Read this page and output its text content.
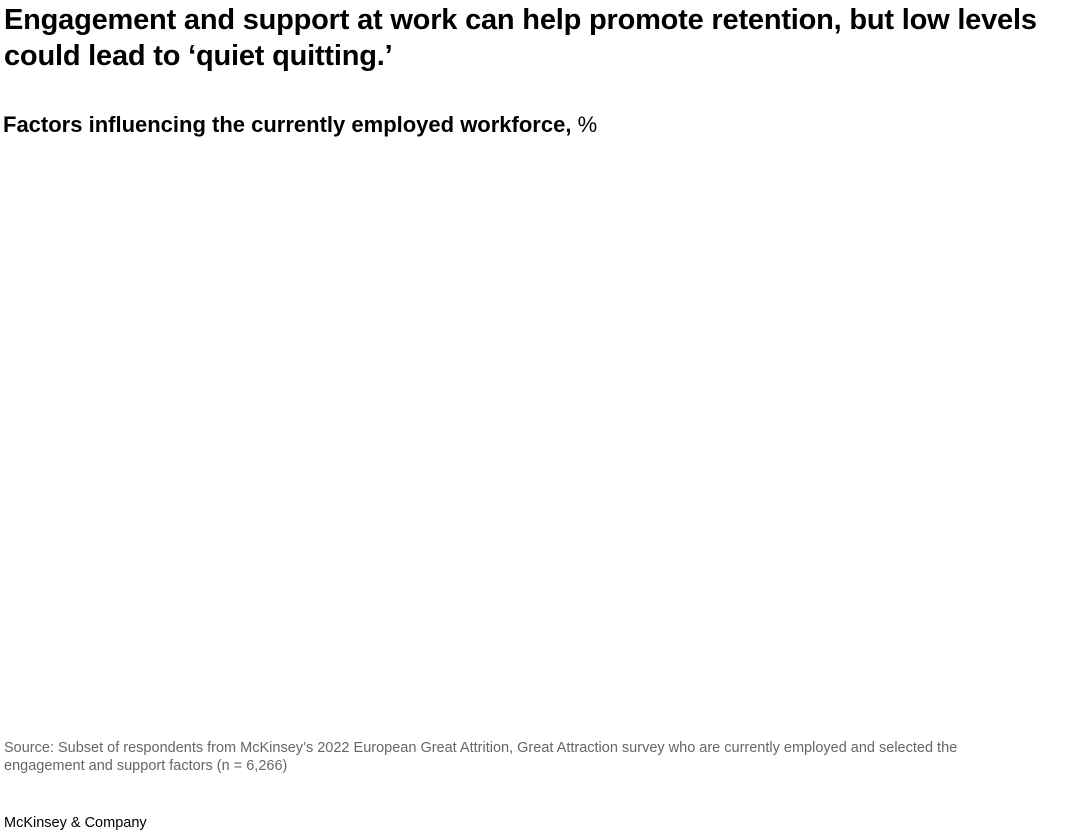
Engagement and support at work can help promote retention, but low levels could lead to ‘quiet quitting.’
Factors influencing the currently employed workforce, %

Source: Subset of respondents from McKinsey’s 2022 European Great Attrition, Great Attraction survey who are currently employed and selected the engagement and support factors (n = 6,266)

McKinsey & Company
